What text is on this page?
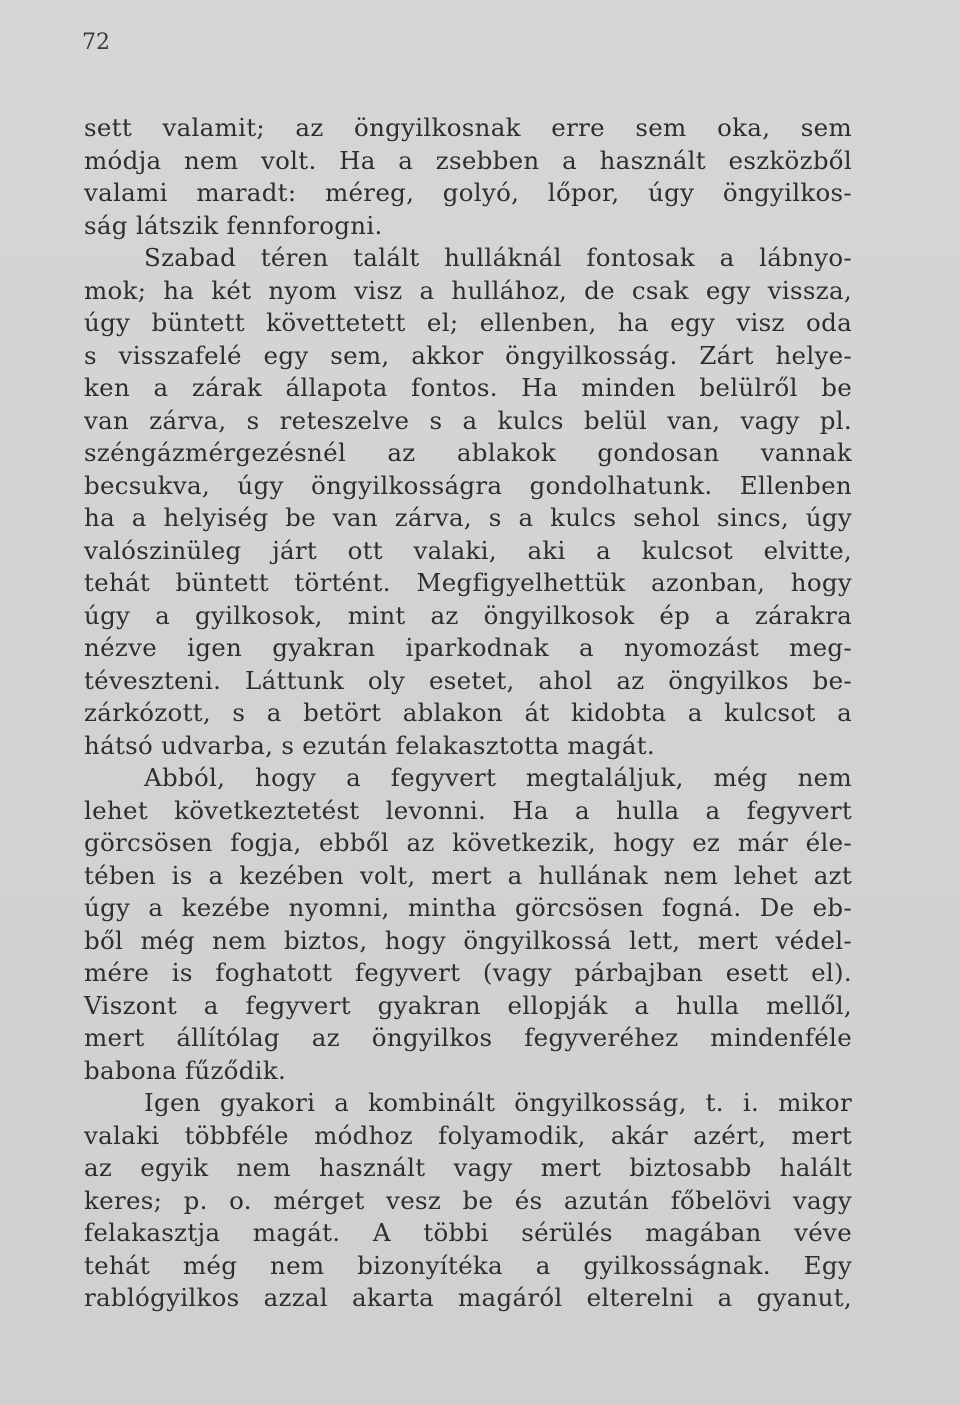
72
sett valamit; az öngyilkosnak erre sem oka, sem
módja nem volt. Ha a zsebben a használt eszközből
valami maradt: méreg, golyó, lőpor, úgy öngyilkos-
ság látszik fennforogni.
Szabad téren talált hulláknál fontosak a lábnyo-
mok; ha két nyom visz a hullához, de csak egy vissza,
úgy büntett követtetett el; ellenben, ha egy visz oda
s visszafelé egy sem, akkor öngyilkosság. Zárt helye-
ken a zárak állapota fontos. Ha minden belülről be
van zárva, s reteszelve s a kulcs belül van, vagy pl.
széngázmérgezésnél az ablakok gondosan vannak
becsukva, úgy öngyilkosságra gondolhatunk. Ellenben
ha a helyiség be van zárva, s a kulcs sehol sincs, úgy
valószinüleg járt ott valaki, aki a kulcsot elvitte,
tehát büntett történt. Megfigyelhettük azonban, hogy
úgy a gyilkosok, mint az öngyilkosok ép a zárakra
nézve igen gyakran iparkodnak a nyomozást meg-
téveszteni. Láttunk oly esetet, ahol az öngyilkos be-
zárkózott, s a betört ablakon át kidobta a kulcsot a
hátsó udvarba, s ezután felakasztotta magát.
Abból, hogy a fegyvert megtaláljuk, még nem
lehet következtetést levonni. Ha a hulla a fegyvert
görcsösen fogja, ebből az következik, hogy ez már éle-
tében is a kezében volt, mert a hullának nem lehet azt
úgy a kezébe nyomni, mintha görcsösen fogná. De eb-
ből még nem biztos, hogy öngyilkossá lett, mert védel-
mére is foghatott fegyvert (vagy párbajban esett el).
Viszont a fegyvert gyakran ellopják a hulla mellől,
mert állítólag az öngyilkos fegyveréhez mindenféle
babona fűződik.
Igen gyakori a kombinált öngyilkosság, t. i. mikor
valaki többféle módhoz folyamodik, akár azért, mert
az egyik nem használt vagy mert biztosabb halált
keres; p. o. mérget vesz be és azután főbelövi vagy
felakasztja magát. A többi sérülés magában véve
tehát még nem bizonyítéka a gyilkosságnak. Egy
rablógyilkos azzal akarta magáról elterelni a gyanut,
